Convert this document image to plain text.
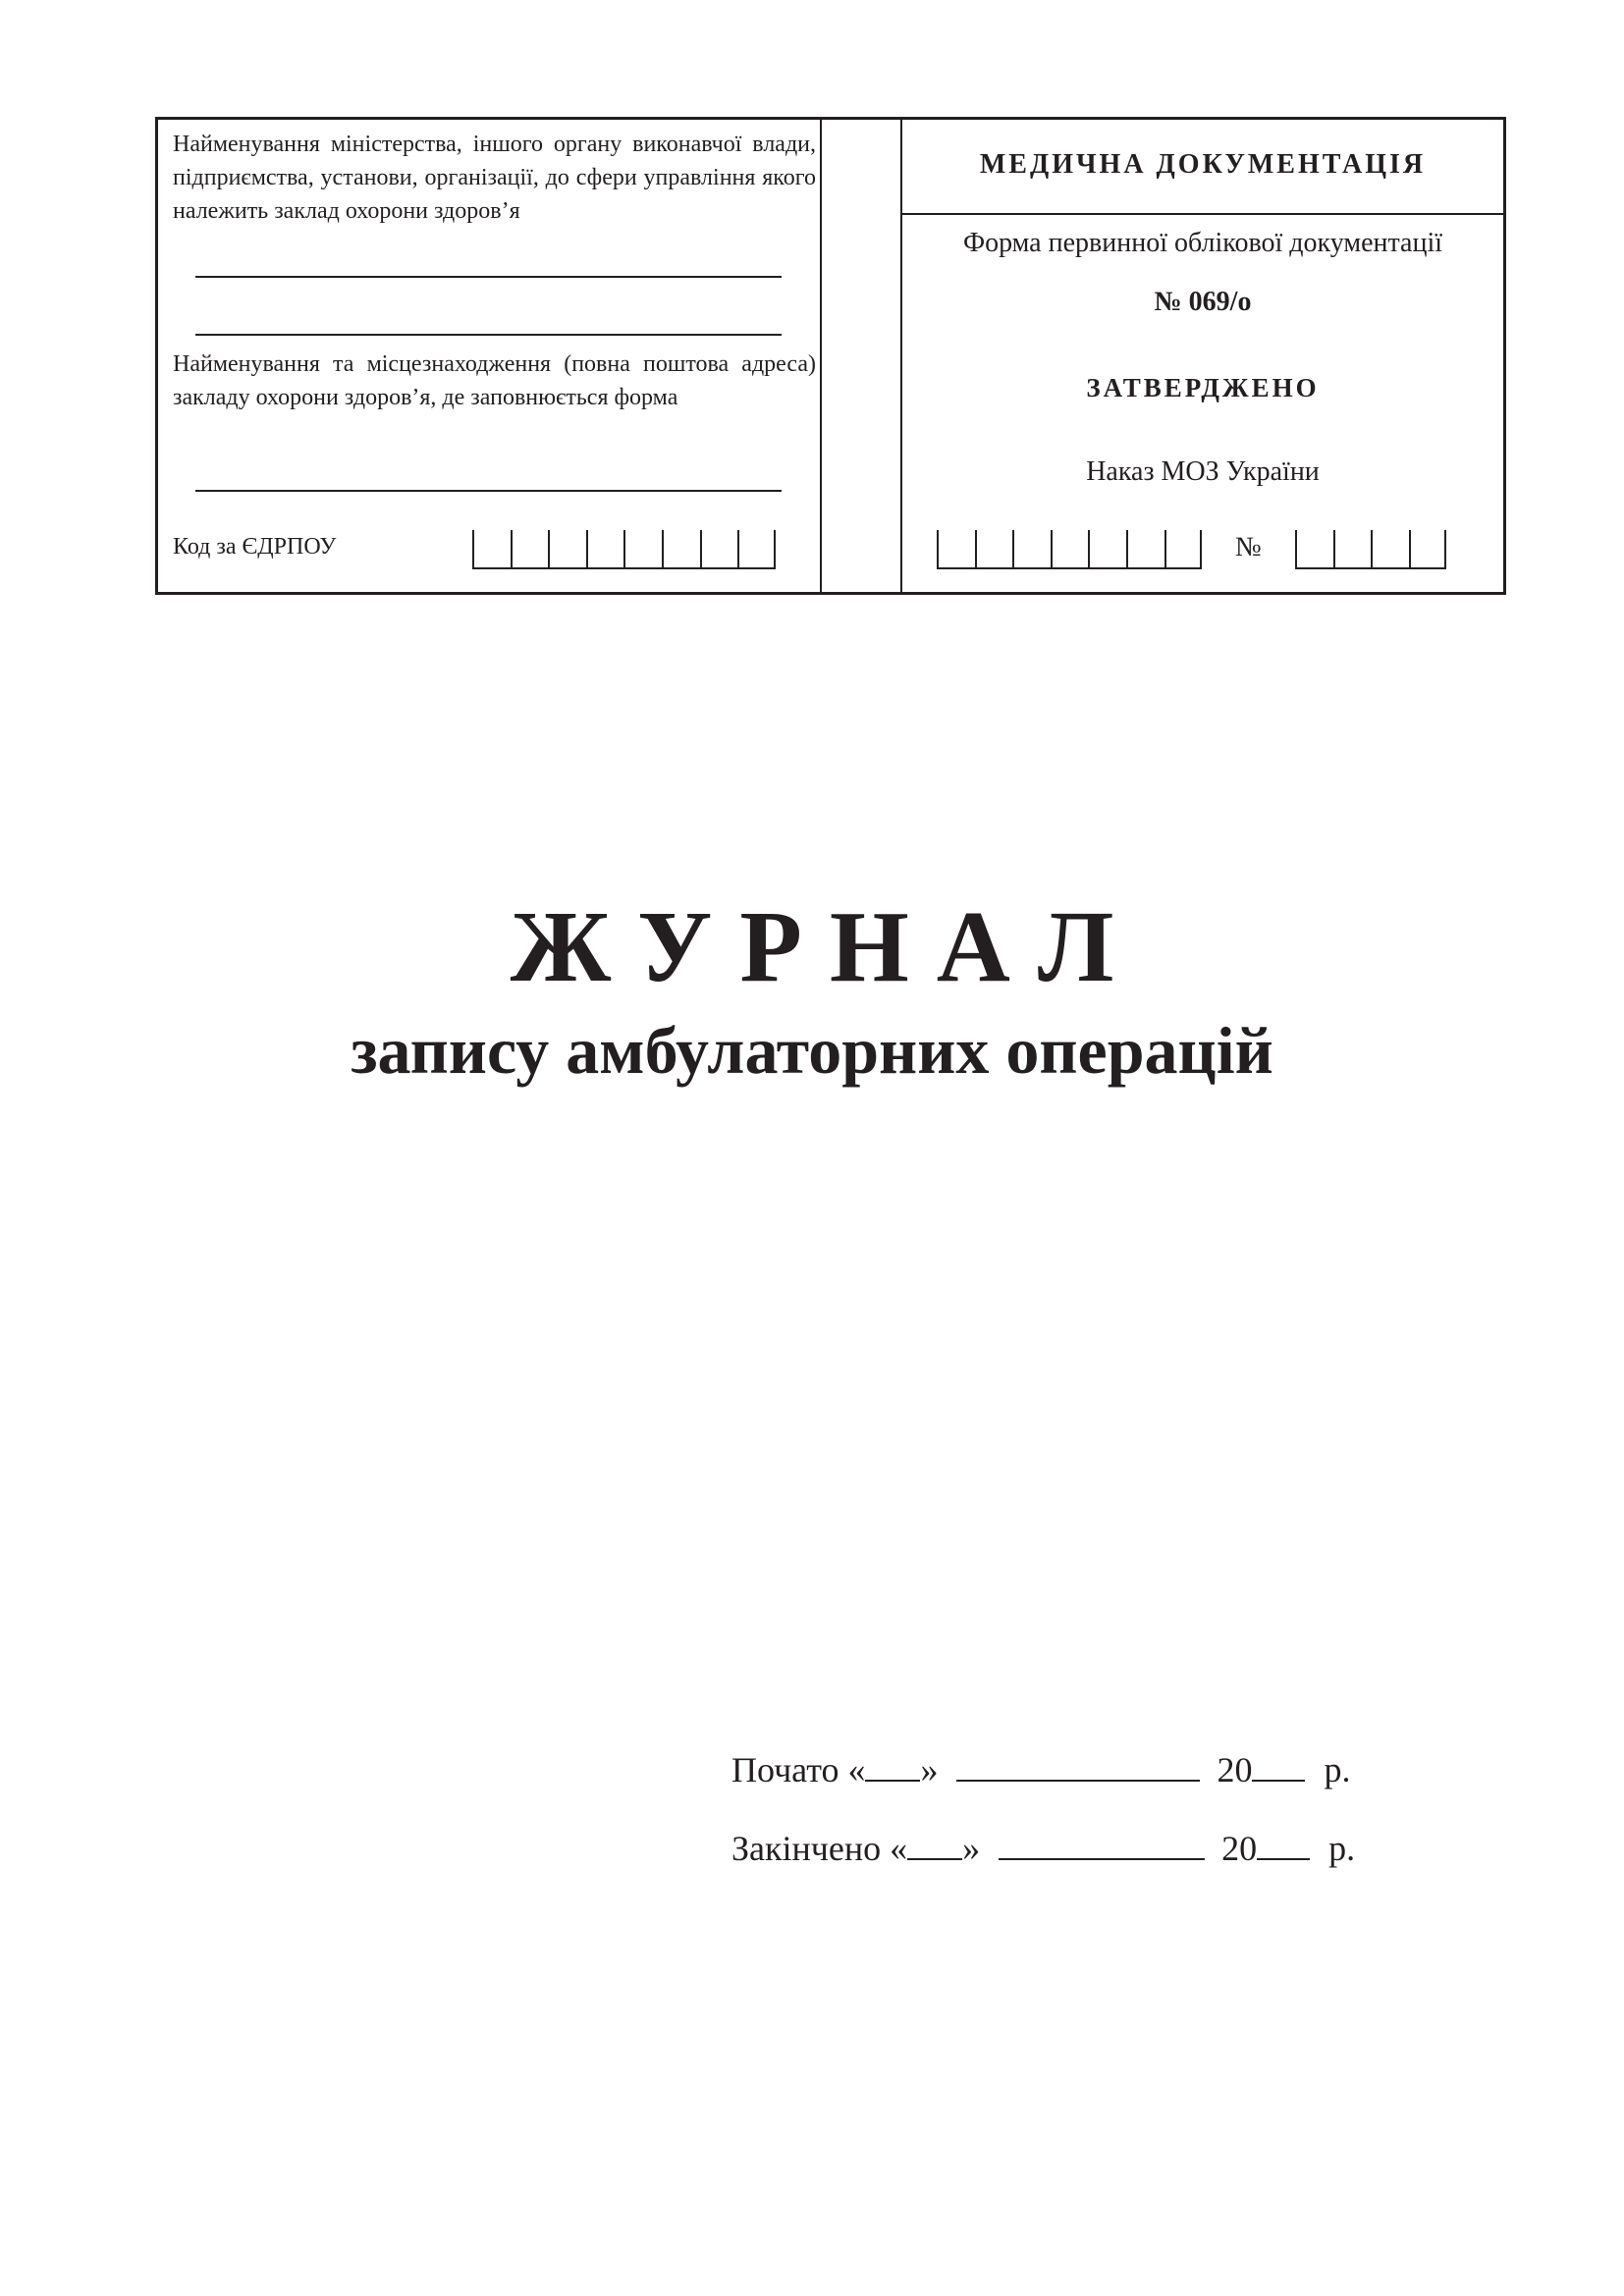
Найменування міністерства, іншого органу виконавчої влади, підприємства, установи, організації, до сфери управління якого належить заклад охорони здоров’я
Найменування та місцезнаходження (повна поштова адреса) закладу охорони здоров’я, де заповнюється форма
Код за ЄДРПОУ
МЕДИЧНА ДОКУМЕНТАЦІЯ
Форма первинної облікової документації
№ 069/о
ЗАТВЕРДЖЕНО
Наказ МОЗ України
№
ЖУРНАЛ
запису амбулаторних операцій
Почато « »	20 р.
Закінчено « »	20 р.
